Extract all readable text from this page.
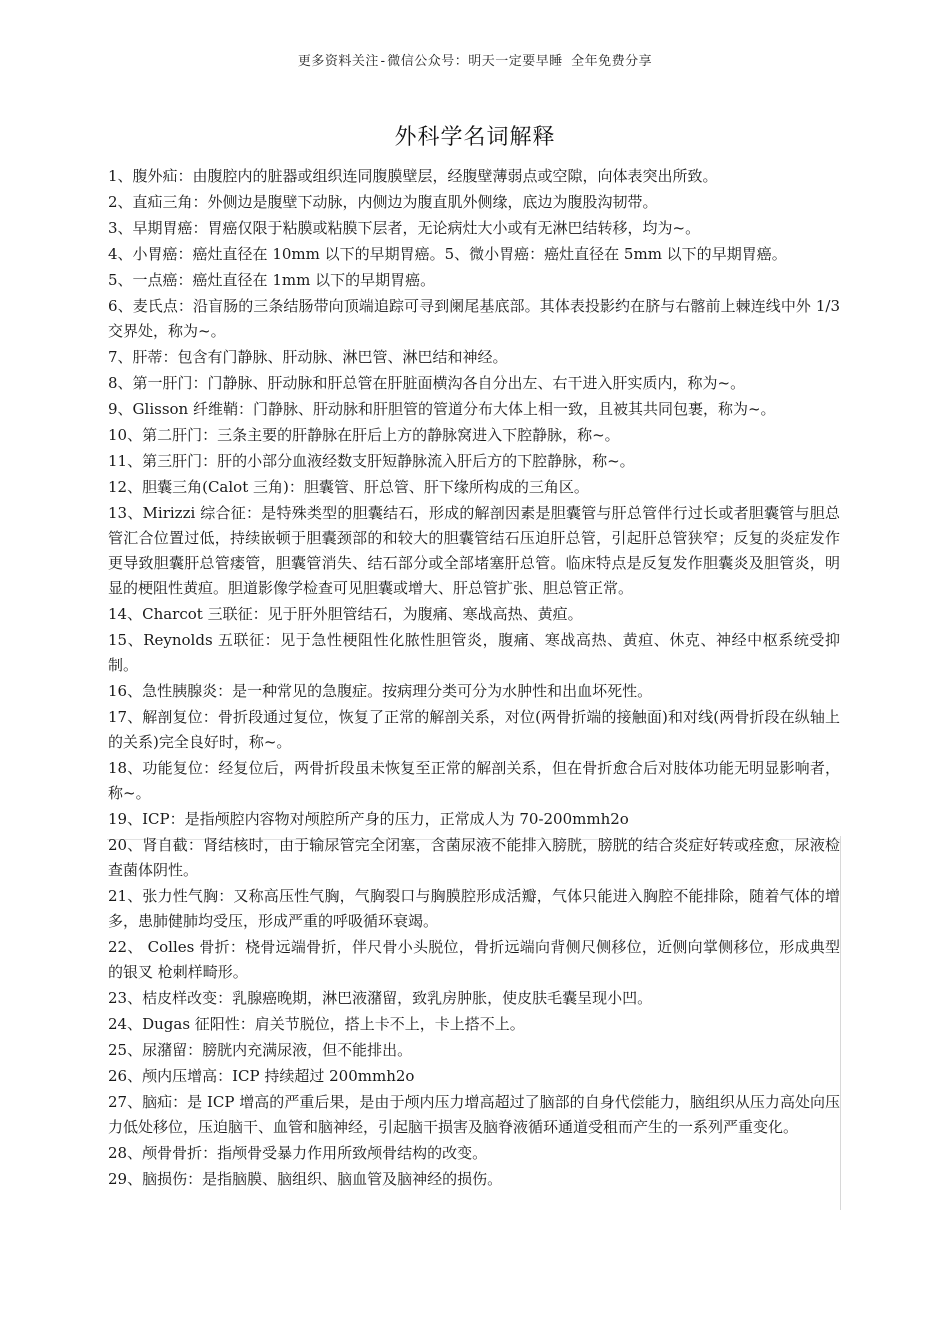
更多资料关注-微信公众号：明天一定要早睡 全年免费分享
外科学名词解释

1、腹外疝：由腹腔内的脏器或组织连同腹膜壁层，经腹壁薄弱点或空隙，向体表突出所致。

2、直疝三角：外侧边是腹壁下动脉，内侧边为腹直肌外侧缘，底边为腹股沟韧带。

3、早期胃癌：胃癌仅限于粘膜或粘膜下层者，无论病灶大小或有无淋巴结转移，均为~。

4、小胃癌：癌灶直径在 10mm 以下的早期胃癌。5、微小胃癌：癌灶直径在 5mm 以下的早期胃癌。

5、一点癌：癌灶直径在 1mm 以下的早期胃癌。

6、麦氏点：沿盲肠的三条结肠带向顶端追踪可寻到阑尾基底部。其体表投影约在脐与右髂前上棘连线中外 1/3 交界处，称为~。

7、肝蒂：包含有门静脉、肝动脉、淋巴管、淋巴结和神经。

8、第一肝门：门静脉、肝动脉和肝总管在肝脏面横沟各自分出左、右干进入肝实质内，称为~。

9、Glisson 纤维鞘：门静脉、肝动脉和肝胆管的管道分布大体上相一致，且被其共同包裹，称为~。

10、第二肝门：三条主要的肝静脉在肝后上方的静脉窝进入下腔静脉，称~。

11、第三肝门：肝的小部分血液经数支肝短静脉流入肝后方的下腔静脉，称~。

12、胆囊三角(Calot 三角)：胆囊管、肝总管、肝下缘所构成的三角区。

13、Mirizzi 综合征：是特殊类型的胆囊结石，形成的解剖因素是胆囊管与肝总管伴行过长或者胆囊管与胆总管汇合位置过低，持续嵌顿于胆囊颈部的和较大的胆囊管结石压迫肝总管，引起肝总管狭窄；反复的炎症发作更导致胆囊肝总管瘘管，胆囊管消失、结石部分或全部堵塞肝总管。临床特点是反复发作胆囊炎及胆管炎，明显的梗阻性黄疸。胆道影像学检查可见胆囊或增大、肝总管扩张、胆总管正常。

14、Charcot 三联征：见于肝外胆管结石，为腹痛、寒战高热、黄疸。

15、Reynolds 五联征：见于急性梗阻性化脓性胆管炎，腹痛、寒战高热、黄疸、休克、神经中枢系统受抑制。

16、急性胰腺炎：是一种常见的急腹症。按病理分类可分为水肿性和出血坏死性。

17、解剖复位：骨折段通过复位，恢复了正常的解剖关系，对位(两骨折端的接触面)和对线(两骨折段在纵轴上的关系)完全良好时，称~。

18、功能复位：经复位后，两骨折段虽未恢复至正常的解剖关系，但在骨折愈合后对肢体功能无明显影响者，称~。

19、ICP：是指颅腔内容物对颅腔所产身的压力，正常成人为 70-200mmh2o

20、肾自截：肾结核时，由于输尿管完全闭塞，含菌尿液不能排入膀胱，膀胱的结合炎症好转或痊愈，尿液检查菌体阴性。

21、张力性气胸：又称高压性气胸，气胸裂口与胸膜腔形成活瓣，气体只能进入胸腔不能排除，随着气体的增多，患肺健肺均受压，形成严重的呼吸循环衰竭。

22、 Colles 骨折：桡骨远端骨折，伴尺骨小头脱位，骨折远端向背侧尺侧移位，近侧向掌侧移位，形成典型的银叉 枪刺样畸形。

23、桔皮样改变：乳腺癌晚期，淋巴液潴留，致乳房肿胀，使皮肤毛囊呈现小凹。

24、Dugas 征阳性：肩关节脱位，搭上卡不上，卡上搭不上。

25、尿潴留：膀胱内充满尿液，但不能排出。

26、颅内压增高：ICP 持续超过 200mmh2o

27、脑疝：是 ICP 增高的严重后果，是由于颅内压力增高超过了脑部的自身代偿能力，脑组织从压力高处向压力低处移位，压迫脑干、血管和脑神经，引起脑干损害及脑脊液循环通道受租而产生的一系列严重变化。

28、颅骨骨折：指颅骨受暴力作用所致颅骨结构的改变。

29、脑损伤：是指脑膜、脑组织、脑血管及脑神经的损伤。
